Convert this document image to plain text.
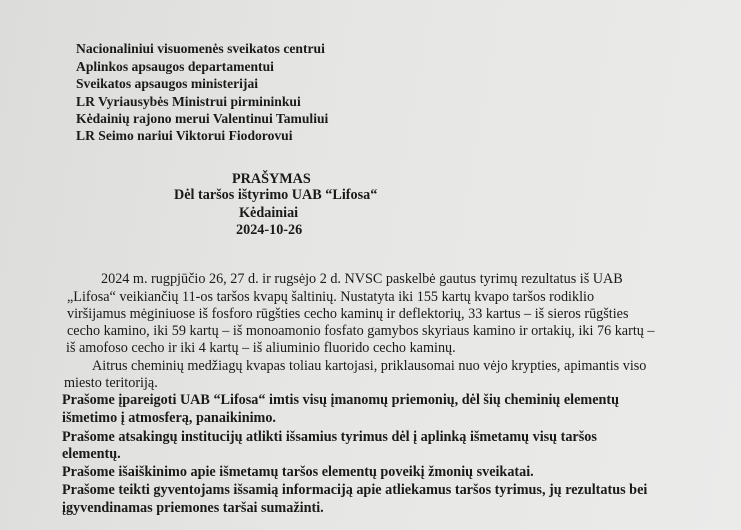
Nacionaliniui visuomenės sveikatos centrui
Aplinkos apsaugos departamentui
Sveikatos apsaugos ministerijai
LR Vyriausybės Ministrui pirmininkui
Kėdainių rajono merui Valentinui Tamuliui
LR Seimo nariui Viktorui Fiodorovui
PRAŠYMAS
Dėl taršos ištyrimo UAB “Lifosa“
Kėdainiai
2024-10-26
2024 m. rugpjūčio 26, 27 d. ir rugsėjo 2 d. NVSC paskelbė gautus tyrimų rezultatus iš UAB
„Lifosa“ veikiančių 11-os taršos kvapų šaltinių. Nustatyta iki 155 kartų kvapo taršos rodiklio
viršijamus mėginiuose iš fosforo rūgšties cecho kaminų ir deflektorių, 33 kartus – iš sieros rūgšties
cecho kamino, iki 59 kartų – iš monoamonio fosfato gamybos skyriaus kamino ir ortakių, iki 76 kartų –
iš amofoso cecho ir iki 4 kartų – iš aliuminio fluorido cecho kaminų.
Aitrus cheminių medžiagų kvapas toliau kartojasi, priklausomai nuo vėjo krypties, apimantis viso
miesto teritoriją.
Prašome įpareigoti UAB “Lifosa“ imtis visų įmanomų priemonių, dėl šių cheminių elementų
išmetimo į atmosferą, panaikinimo.
Prašome atsakingų institucijų atlikti išsamius tyrimus dėl į aplinką išmetamų visų taršos
elementų.
Prašome išaiškinimo apie išmetamų taršos elementų poveikį žmonių sveikatai.
Prašome teikti gyventojams išsamią informaciją apie atliekamus taršos tyrimus, jų rezultatus bei
įgyvendinamas priemones taršai sumažinti.
